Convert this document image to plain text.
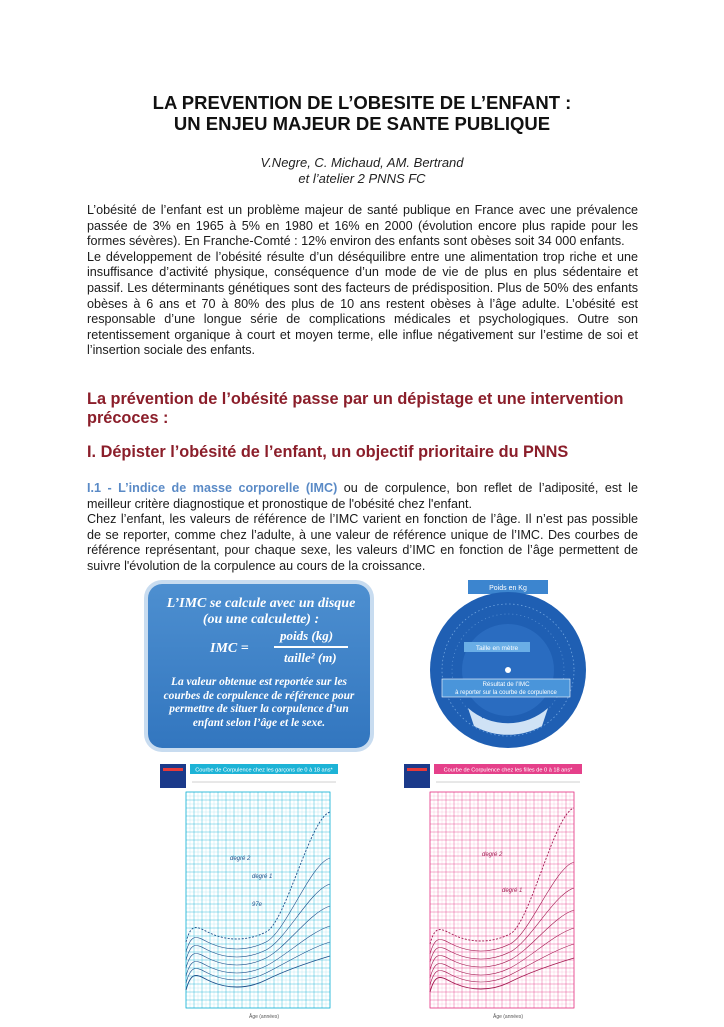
LA PREVENTION DE L’OBESITE DE L’ENFANT :
UN ENJEU MAJEUR DE SANTE PUBLIQUE
V.Negre, C. Michaud, AM. Bertrand
et l’atelier 2 PNNS FC

L’obésité de l’enfant est un problème majeur de santé publique en France avec une prévalence passée de 3% en 1965 à 5% en 1980 et 16% en 2000 (évolution encore plus rapide pour les formes sévères). En Franche-Comté : 12% environ des enfants sont obèses soit 34 000 enfants.

Le développement de l’obésité résulte d’un déséquilibre entre une alimentation trop riche et une insuffisance d’activité physique, conséquence d’un mode de vie de plus en plus sédentaire et passif. Les déterminants génétiques sont des facteurs de prédisposition. Plus de 50% des enfants obèses à 6 ans et 70 à 80% des plus de 10 ans restent obèses à l’âge adulte. L’obésité est responsable d’une longue série de complications médicales et psychologiques. Outre son retentissement organique à court et moyen terme, elle influe négativement sur l’estime de soi et l’insertion sociale des enfants.

La prévention de l’obésité passe par un dépistage et une intervention précoces :
I. Dépister l’obésité de l’enfant, un objectif prioritaire du PNNS

I.1 - L’indice de masse corporelle (IMC) ou de corpulence, bon reflet de l’adiposité, est le meilleur critère diagnostique et pronostique de l'obésité chez l'enfant.

Chez l’enfant, les valeurs de référence de l’IMC varient en fonction de l’âge. Il n’est pas possible de se reporter, comme chez l’adulte, à une valeur de référence unique de l’IMC. Des courbes de référence représentant, pour chaque sexe, les valeurs d’IMC en fonction de l’âge permettent de suivre l'évolution de la corpulence au cours de la croissance.

L’IMC se calcule avec un disque (ou une calculette) :
IMC =
poids (kg)
taille² (m)
La valeur obtenue est reportée sur les courbes de corpulence de référence pour permettre de situer la corpulence d’un enfant selon l’âge et le sexe.
Poids en Kg
Taille en mètre
Résultat de l’IMC
à reporter sur la courbe de corpulence
Courbe de Corpulence chez les garçons de 0 à 18 ans*
degré 2
degré 1
97e
Âge (années)
Courbe de Corpulence chez les filles de 0 à 18 ans*
degré 2
degré 1
Âge (années)
